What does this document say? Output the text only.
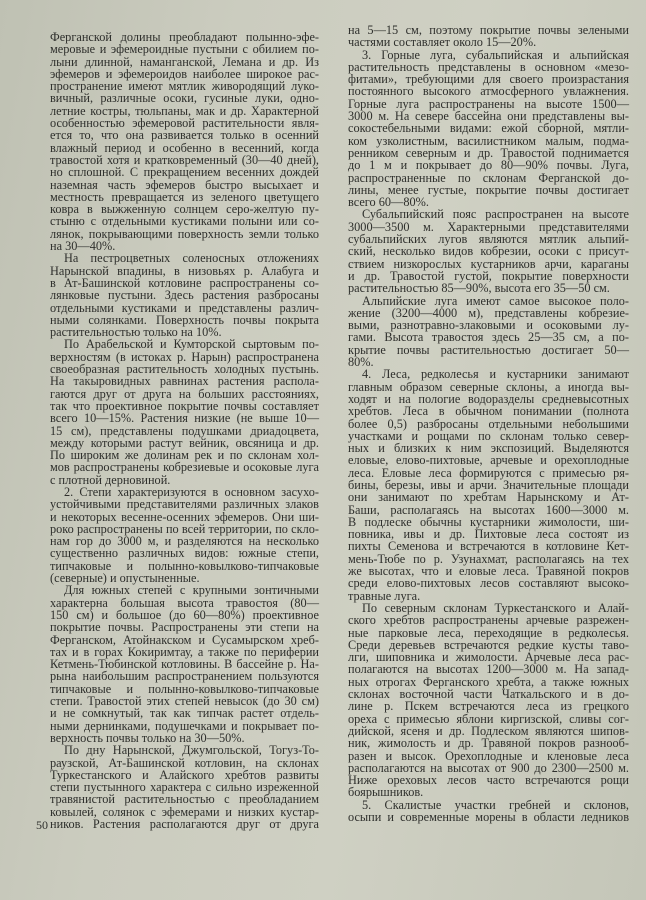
Ферганской долины преобладают полынно-эфе-
меровые и эфемероидные пустыни с обилием по-
лыни длинной, наманганской, Лемана и др. Из
эфемеров и эфемероидов наиболее широкое рас-
пространение имеют мятлик живородящий луко-
вичный, различные осоки, гусиные луки, одно-
летние костры, тюльпаны, мак и др. Характерной
особенностью эфемеровой растительности явля-
ется то, что она развивается только в осенний
влажный период и особенно в весенний, когда
травостой хотя и кратковременный (30—40 дней),
но сплошной. С прекращением весенних дождей
наземная часть эфемеров быстро высыхает и
местность превращается из зеленого цветущего
ковра в выжженную солнцем серо-желтую пу-
стыню с отдельными кустиками полыни или со-
лянок, покрывающими поверхность земли только
на 30—40%.
На пестроцветных соленосных отложениях
Нарынской впадины, в низовьях р. Алабуга и
в Ат-Башинской котловине распространены со-
лянковые пустыни. Здесь растения разбросаны
отдельными кустиками и представлены различ-
ными солянками. Поверхность почвы покрыта
растительностью только на 10%.
По Арабельской и Кумторской сыртовым по-
верхностям (в истоках р. Нарын) распространена
своеобразная растительность холодных пустынь.
На такыровидных равнинах растения распола-
гаются друг от друга на больших расстояниях,
так что проективное покрытие почвы составляет
всего 10—15%. Растения низкие (не выше 10—
15 см), представлены подушками дриадоцвета,
между которыми растут вейник, овсяница и др.
По широким же долинам рек и по склонам хол-
мов распространены кобрезиевые и осоковые луга
с плотной дерновиной.
2. Степи характеризуются в основном засухо-
устойчивыми представителями различных злаков
и некоторых весенне-осенних эфемеров. Они ши-
роко распространены по всей территории, по скло-
нам гор до 3000 м, и разделяются на несколько
существенно различных видов: южные степи,
типчаковые и полынно-ковылково-типчаковые
(северные) и опустыненные.
Для южных степей с крупными зонтичными
характерна большая высота травостоя (80—
150 см) и большое (до 60—80%) проективное
покрытие почвы. Распространены эти степи на
Ферганском, Атойнакском и Сусамырском хреб-
тах и в горах Кокиримтау, а также по периферии
Кетмень-Тюбинской котловины. В бассейне р. На-
рына наибольшим распространением пользуются
типчаковые и полынно-ковылково-типчаковые
степи. Травостой этих степей невысок (до 30 см)
и не сомкнутый, так как типчак растет отдель-
ными дернинками, подушечками и покрывает по-
верхность почвы только на 30—50%.
По дну Нарынской, Джумгольской, Тогуз-То-
раузской, Ат-Башинской котловин, на склонах
Туркестанского и Алайского хребтов развиты
степи пустынного характера с сильно изреженной
травянистой растительностью с преобладанием
ковылей, солянок с эфемерами и низких кустар-
ников. Растения располагаются друг от друга
на 5—15 см, поэтому покрытие почвы зелеными
частями составляет около 15—20%.
3. Горные луга, субальпийская и альпийская
растительность представлены в основном «мезо-
фитами», требующими для своего произрастания
постоянного высокого атмосферного увлажнения.
Горные луга распространены на высоте 1500—
3000 м. На севере бассейна они представлены вы-
сокостебельными видами: ежой сборной, мятли-
ком узколистным, василистником малым, подма-
ренником северным и др. Травостой поднимается
до 1 м и покрывает до 80—90% почвы. Луга,
распространенные по склонам Ферганской до-
лины, менее густые, покрытие почвы достигает
всего 60—80%.
Субальпийский пояс распространен на высоте
3000—3500 м. Характерными представителями
субальпийских лугов являются мятлик альпий-
ский, несколько видов кобрезии, осоки с присут-
ствием низкорослых кустарников арчи, караганы
и др. Травостой густой, покрытие поверхности
растительностью 85—90%, высота его 35—50 см.
Альпийские луга имеют самое высокое поло-
жение (3200—4000 м), представлены кобрезие-
выми, разнотравно-злаковыми и осоковыми лу-
гами. Высота травостоя здесь 25—35 см, а по-
крытие почвы растительностью достигает 50—
80%.
4. Леса, редколесья и кустарники занимают
главным образом северные склоны, а иногда вы-
ходят и на пологие водоразделы средневысотных
хребтов. Леса в обычном понимании (полнота
более 0,5) разбросаны отдельными небольшими
участками и рощами по склонам только север-
ных и близких к ним экспозиций. Выделяются
еловые, елово-пихтовые, арчевые и орехоплодные
леса. Еловые леса формируются с примесью ря-
бины, березы, ивы и арчи. Значительные площади
они занимают по хребтам Нарынскому и Ат-
Баши, располагаясь на высотах 1600—3000 м.
В подлеске обычны кустарники жимолости, ши-
повника, ивы и др. Пихтовые леса состоят из
пихты Семенова и встречаются в котловине Кет-
мень-Тюбе по р. Узунахмат, располагаясь на тех
же высотах, что и еловые леса. Травяной покров
среди елово-пихтовых лесов составляют высоко-
травные луга.
По северным склонам Туркестанского и Алай-
ского хребтов распространены арчевые разрежен-
ные парковые леса, переходящие в редколесья.
Среди деревьев встречаются редкие кусты таво-
лги, шиповника и жимолости. Арчевые леса рас-
полагаются на высотах 1200—3000 м. На запад-
ных отрогах Ферганского хребта, а также южных
склонах восточной части Чаткальского и в до-
лине р. Пскем встречаются леса из грецкого
ореха с примесью яблони киргизской, сливы сог-
дийской, ясеня и др. Подлеском являются шипов-
ник, жимолость и др. Травяной покров разнооб-
разен и высок. Орехоплодные и кленовые леса
располагаются на высотах от 900 до 2300—2500 м.
Ниже ореховых лесов часто встречаются рощи
боярышников.
5. Скалистые участки гребней и склонов,
осыпи и современные морены в области ледников
50
